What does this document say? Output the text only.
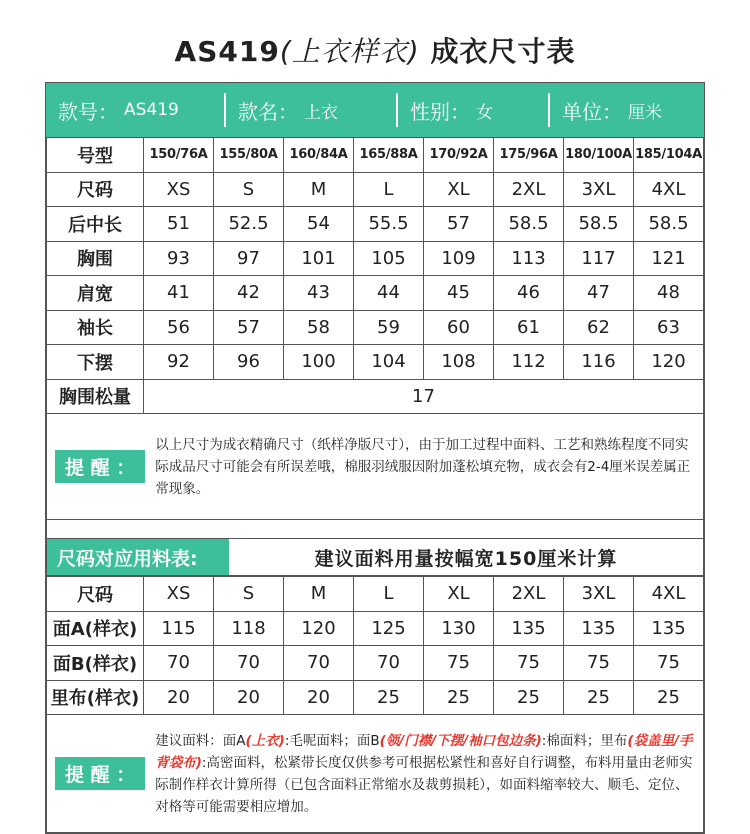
AS419(上衣样衣) 成衣尺寸表
款号： AS419	款名： 上衣	性别： 女	单位： 厘米
号型	150/76A	155/80A	160/84A	165/88A	170/92A	175/96A	180/100A	185/104A
尺码	XS	S	M	L	XL	2XL	3XL	4XL
后中长	51	52.5	54	55.5	57	58.5	58.5	58.5
胸围	93	97	101	105	109	113	117	121
肩宽	41	42	43	44	45	46	47	48
袖长	56	57	58	59	60	61	62	63
下摆	92	96	100	104	108	112	116	120
胸围松量	17							
提 醒 ：
以上尺寸为成衣精确尺寸（纸样净版尺寸），由于加工过程中面料、工艺和熟练程度不同实际成品尺寸可能会有所误差哦，棉服羽绒服因附加蓬松填充物，成衣会有2-4厘米误差属正常现象。
尺码对应用料表:	建议面料用量按幅宽150厘米计算
尺码	XS	S	M	L	XL	2XL	3XL	4XL
面A(样衣)	115	118	120	125	130	135	135	135
面B(样衣)	70	70	70	70	75	75	75	75
里布(样衣)	20	20	20	25	25	25	25	25
提 醒 ：
建议面料：面A(上衣):毛呢面料；面B(领/门襟/下摆/袖口包边条):棉面料；里布(袋盖里/手背袋布):高密面料，松紧带长度仅供参考可根据松紧性和喜好自行调整，布料用量由老师实际制作样衣计算所得（已包含面料正常缩水及裁剪损耗），如面料缩率较大、顺毛、定位、对格等可能需要相应增加。
